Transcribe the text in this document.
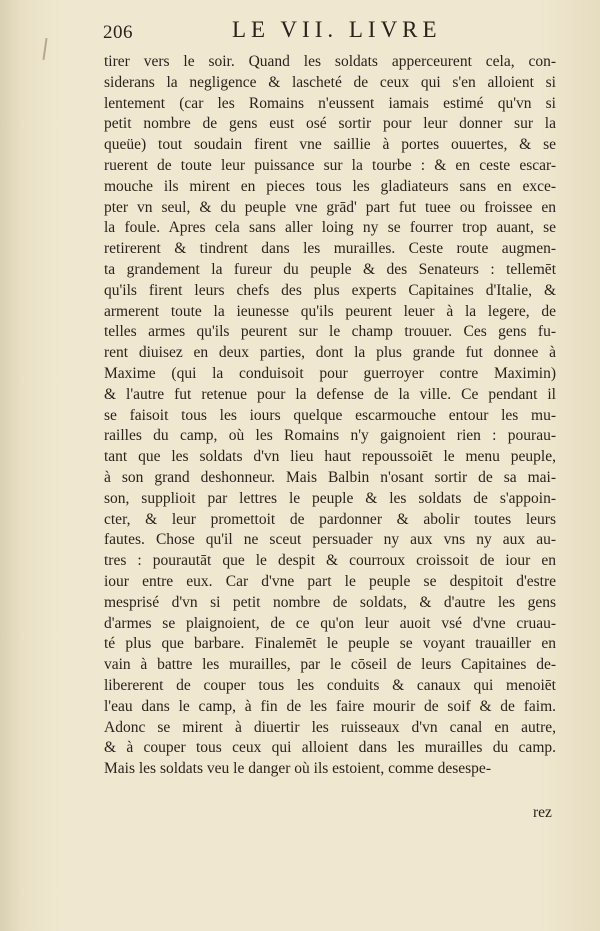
206	LE VII. LIVRE
tirer vers le soir. Quand les soldats apperceurent cela, con-
siderans la negligence & lascheté de ceux qui s'en alloient si
lentement (car les Romains n'eussent iamais estimé qu'vn si
petit nombre de gens eust osé sortir pour leur donner sur la
queüe) tout soudain firent vne saillie à portes ouuertes, & se
ruerent de toute leur puissance sur la tourbe : & en ceste escar-
mouche ils mirent en pieces tous les gladiateurs sans en exce-
pter vn seul, & du peuple vne grād' part fut tuee ou froissee en
la foule. Apres cela sans aller loing ny se fourrer trop auant, se
retirerent & tindrent dans les murailles. Ceste route augmen-
ta grandement la fureur du peuple & des Senateurs : tellemēt
qu'ils firent leurs chefs des plus experts Capitaines d'Italie, &
armerent toute la ieunesse qu'ils peurent leuer à la legere, de
telles armes qu'ils peurent sur le champ trouuer. Ces gens fu-
rent diuisez en deux parties, dont la plus grande fut donnee à
Maxime (qui la conduisoit pour guerroyer contre Maximin)
& l'autre fut retenue pour la defense de la ville. Ce pendant il
se faisoit tous les iours quelque escarmouche entour les mu-
railles du camp, où les Romains n'y gaignoient rien : pourau-
tant que les soldats d'vn lieu haut repoussoiēt le menu peuple,
à son grand deshonneur. Mais Balbin n'osant sortir de sa mai-
son, supplioit par lettres le peuple & les soldats de s'appoin-
cter, & leur promettoit de pardonner & abolir toutes leurs
fautes. Chose qu'il ne sceut persuader ny aux vns ny aux au-
tres : pourautāt que le despit & courroux croissoit de iour en
iour entre eux. Car d'vne part le peuple se despitoit d'estre
mesprisé d'vn si petit nombre de soldats, & d'autre les gens
d'armes se plaignoient, de ce qu'on leur auoit vsé d'vne cruau-
té plus que barbare. Finalemēt le peuple se voyant trauailler en
vain à battre les murailles, par le cōseil de leurs Capitaines de-
libererent de couper tous les conduits & canaux qui menoiēt
l'eau dans le camp, à fin de les faire mourir de soif & de faim.
Adonc se mirent à diuertir les ruisseaux d'vn canal en autre,
& à couper tous ceux qui alloient dans les murailles du camp.
Mais les soldats veu le danger où ils estoient, comme desespe-
rez
